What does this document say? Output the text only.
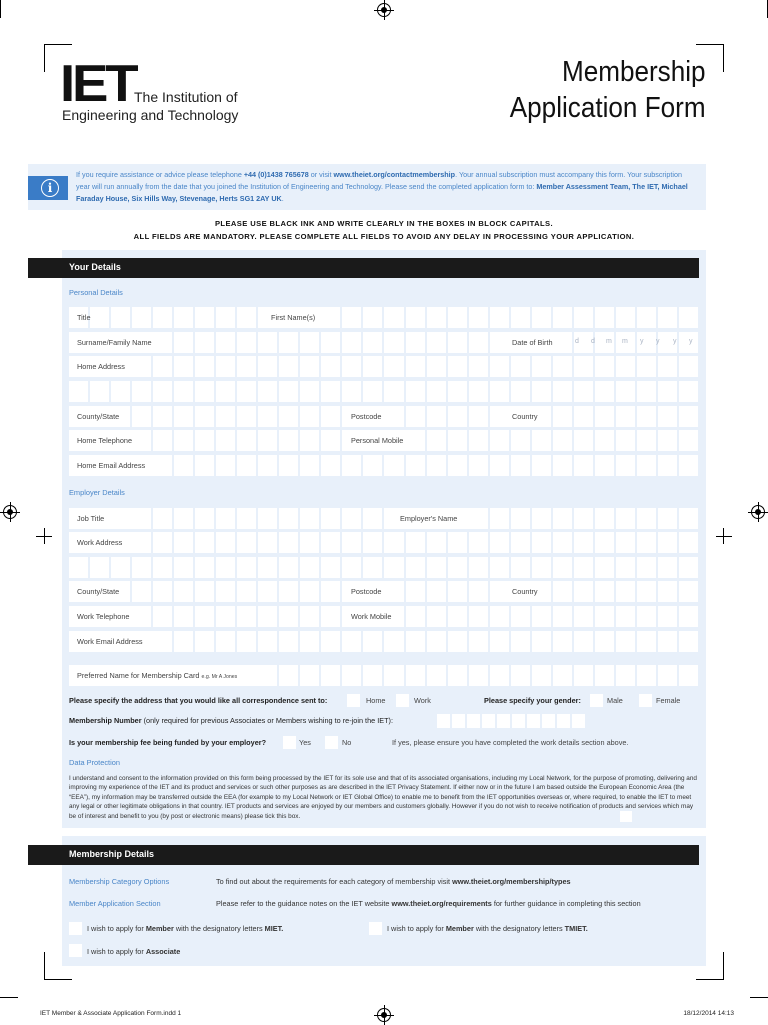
IET
The Institution of
Engineering and Technology
Membership
Application Form
i
If you require assistance or advice please telephone +44 (0)1438 765678 or visit www.theiet.org/contactmembership. Your annual subscription must accompany this form. Your subscription year will run annually from the date that you joined the Institution of Engineering and Technology. Please send the completed application form to: Member Assessment Team, The IET, Michael Faraday House, Six Hills Way, Stevenage, Herts SG1 2AY UK.
PLEASE USE BLACK INK AND WRITE CLEARLY IN THE BOXES IN BLOCK CAPITALS.
ALL FIELDS ARE MANDATORY. PLEASE COMPLETE ALL FIELDS TO AVOID ANY DELAY IN PROCESSING YOUR APPLICATION.
Your Details
Personal Details
Title	First Name(s)
Surname/Family Name	Date of Birth	d d m m y y y y
Home Address
County/State	Postcode	Country
Home Telephone	Personal Mobile
Home Email Address
Employer Details
Job Title	Employer's Name
Work Address
County/State	Postcode	Country
Work Telephone	Work Mobile
Work Email Address
Preferred Name for Membership Card e.g. Mr A Jones
Please specify the address that you would like all correspondence sent to:	Home	Work	Please specify your gender:	Male	Female
Membership Number (only required for previous Associates or Members wishing to re-join the IET):
Is your membership fee being funded by your employer?	Yes	No	If yes, please ensure you have completed the work details section above.
Data Protection
I understand and consent to the information provided on this form being processed by the IET for its sole use and that of its associated organisations, including my Local Network, for the purpose of promoting, delivering and improving my experience of the IET and its product and services or such other purposes as are described in the IET Privacy Statement. If either now or in the future I am based outside the European Economic Area (the “EEA”), my information may be transferred outside the EEA (for example to my Local Network or IET Global Office) to enable me to benefit from the IET opportunities overseas or, where required, to enable the IET to meet any legal or other legitimate obligations in that country. IET products and services are enjoyed by our members and customers globally. However if you do not wish to receive notification of products and services which may be of interest and benefit to you (by post or electronic means) please tick this box.
Membership Details
Membership Category Options	To find out about the requirements for each category of membership visit www.theiet.org/membership/types
Member Application Section	Please refer to the guidance notes on the IET website www.theiet.org/requirements for further guidance in completing this section
I wish to apply for Member with the designatory letters MIET.	I wish to apply for Member with the designatory letters TMIET.
I wish to apply for Associate
IET Member & Associate Application Form.indd 1	18/12/2014 14:13
